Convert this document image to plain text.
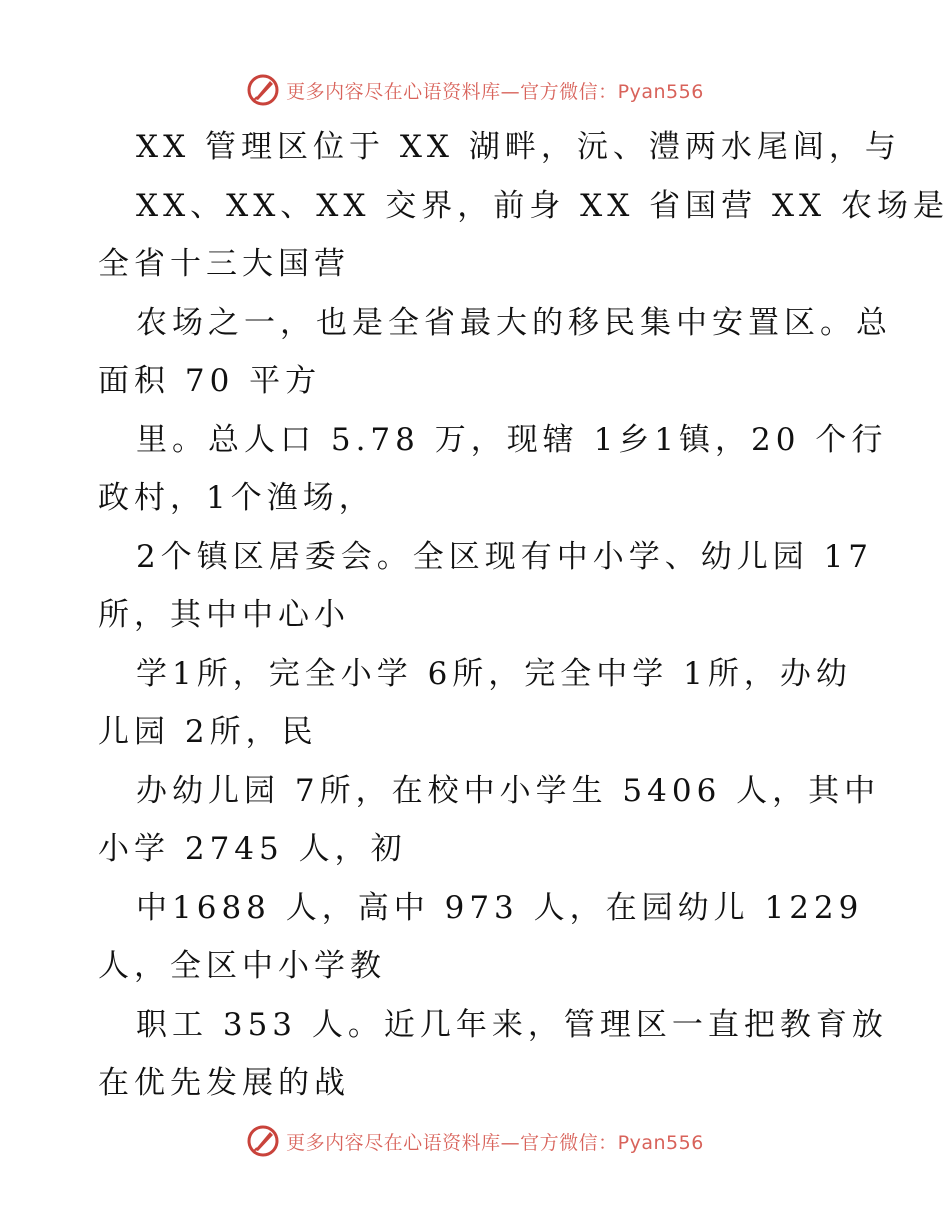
更多内容尽在心语资料库—官方微信：Pyan556
XX 管理区位于 XX 湖畔，沅、澧两水尾闾，与
XX、XX、XX 交界，前身 XX 省国营 XX 农场是
全省十三大国营
农场之一，也是全省最大的移民集中安置区。总
面积 70 平方
里。总人口 5.78 万，现辖 1乡1镇，20 个行
政村，1个渔场，
2个镇区居委会。全区现有中小学、幼儿园 17
所，其中中心小
学1所，完全小学 6所，完全中学 1所，办幼
儿园 2所，民
办幼儿园 7所，在校中小学生 5406 人，其中
小学 2745 人，初
中1688 人，高中 973 人，在园幼儿 1229
人，全区中小学教
职工 353 人。近几年来，管理区一直把教育放
在优先发展的战
更多内容尽在心语资料库—官方微信：Pyan556
